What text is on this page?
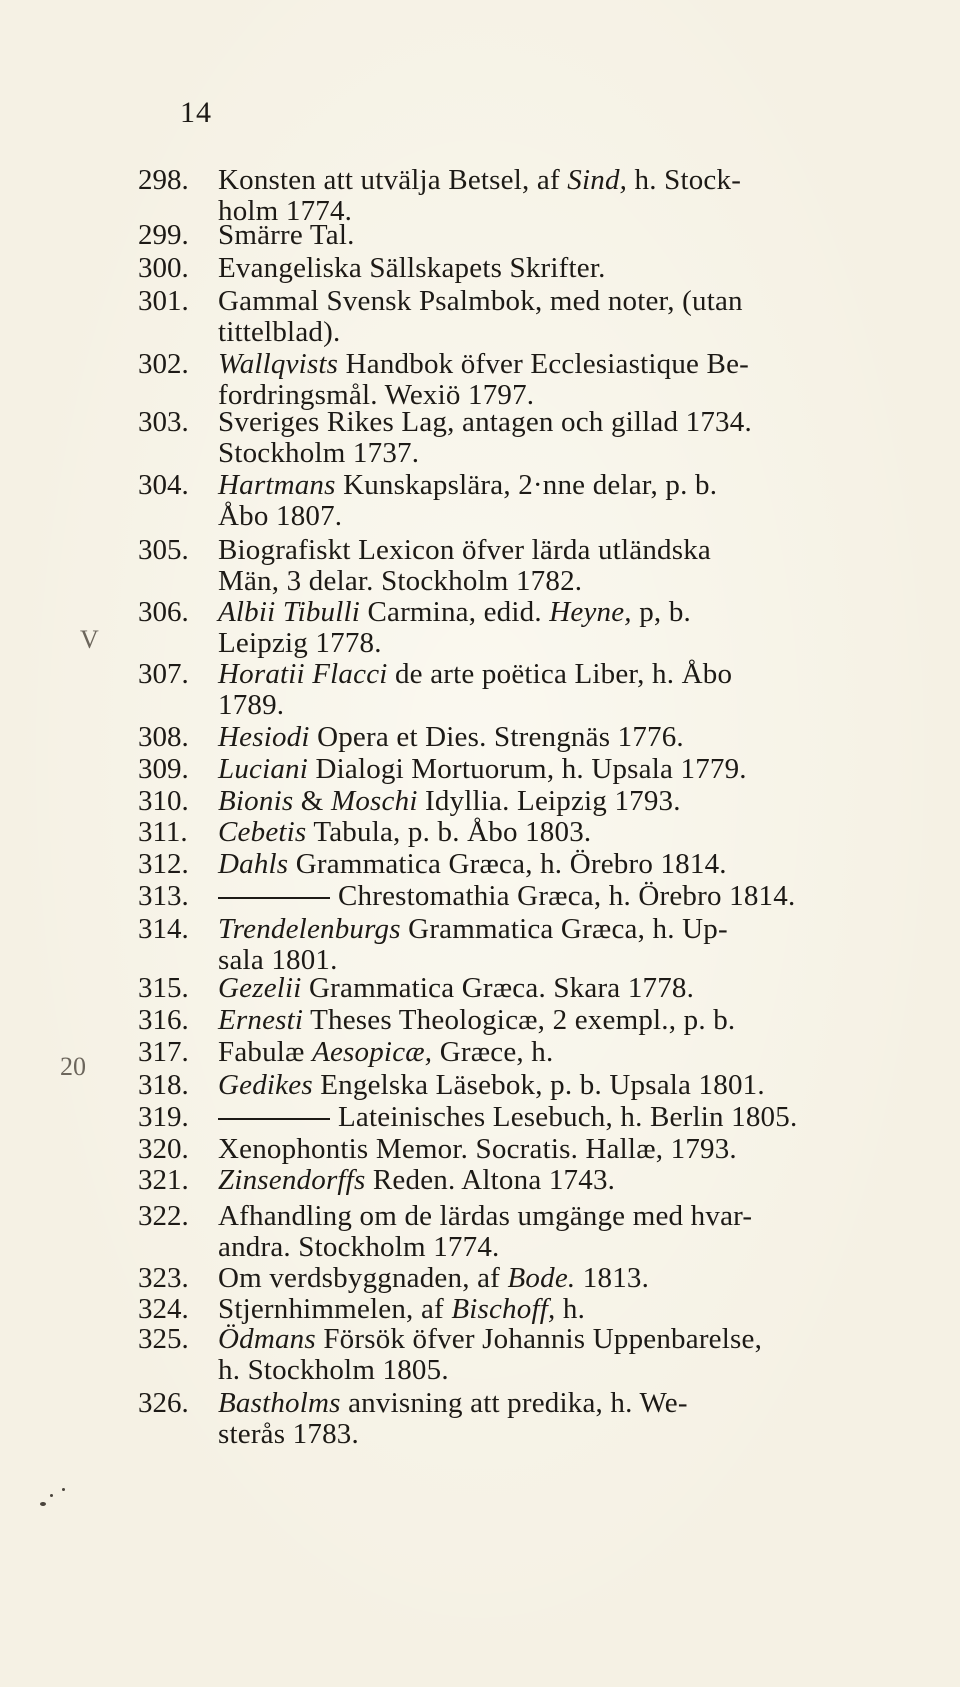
14
V
20
298. Konsten att utvälja Betsel, af Sind, h. Stock-
holm 1774.
299. Smärre Tal.
300. Evangeliska Sällskapets Skrifter.
301. Gammal Svensk Psalmbok, med noter, (utan
tittelblad).
302. Wallqvists Handbok öfver Ecclesiastique Be-
fordringsmål. Wexiö 1797.
303. Sveriges Rikes Lag, antagen och gillad 1734.
Stockholm 1737.
304. Hartmans Kunskapslära, 2·nne delar, p. b.
Åbo 1807.
305. Biografiskt Lexicon öfver lärda utländska
Män, 3 delar. Stockholm 1782.
306. Albii Tibulli Carmina, edid. Heyne, p, b.
Leipzig 1778.
307. Horatii Flacci de arte poëtica Liber, h. Åbo
1789.
308. Hesiodi Opera et Dies. Strengnäs 1776.
309. Luciani Dialogi Mortuorum, h. Upsala 1779.
310. Bionis & Moschi Idyllia. Leipzig 1793.
311. Cebetis Tabula, p. b. Åbo 1803.
312. Dahls Grammatica Græca, h. Örebro 1814.
313.	Chrestomathia Græca, h. Örebro 1814.
314. Trendelenburgs Grammatica Græca, h. Up-
sala 1801.
315. Gezelii Grammatica Græca. Skara 1778.
316. Ernesti Theses Theologicæ, 2 exempl., p. b.
317. Fabulæ Aesopicæ, Græce, h.
318. Gedikes Engelska Läsebok, p. b. Upsala 1801.
319.	Lateinisches Lesebuch, h. Berlin 1805.
320. Xenophontis Memor. Socratis. Hallæ, 1793.
321. Zinsendorffs Reden. Altona 1743.
322. Afhandling om de lärdas umgänge med hvar-
andra. Stockholm 1774.
323. Om verdsbyggnaden, af Bode. 1813.
324. Stjernhimmelen, af Bischoff, h.
325. Ödmans Försök öfver Johannis Uppenbarelse,
h. Stockholm 1805.
326. Bastholms anvisning att predika, h. We-
sterås 1783.
